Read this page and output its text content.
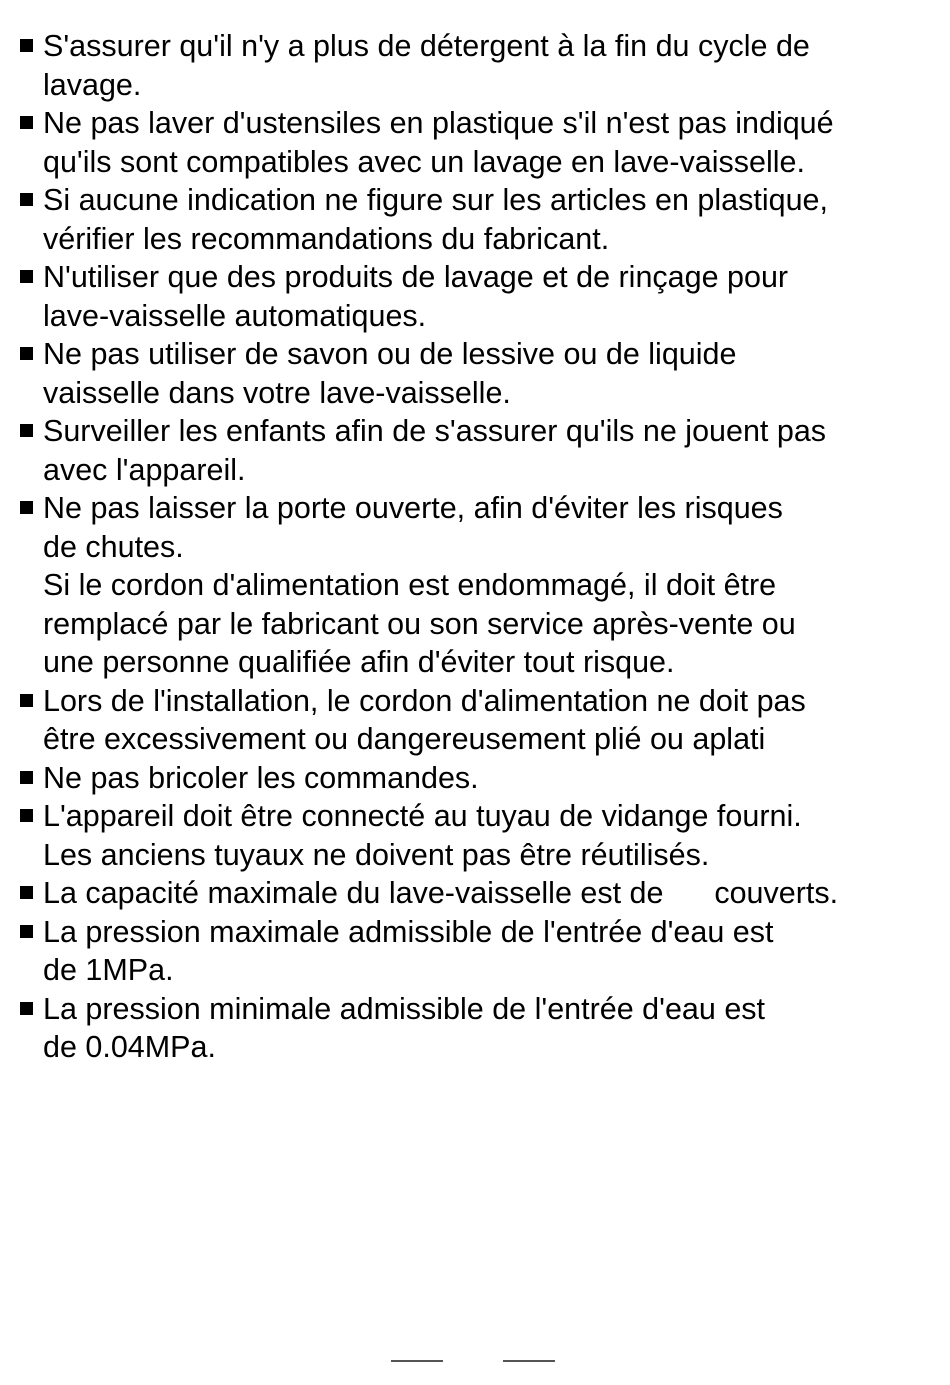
S'assurer qu'il n'y a plus de détergent à la fin du cycle de
lavage.
Ne pas laver d'ustensiles en plastique s'il n'est pas indiqué
qu'ils sont compatibles avec un lavage en lave-vaisselle.
Si aucune indication ne figure sur les articles en plastique,
vérifier les recommandations du fabricant.
N'utiliser que des produits de lavage et de rinçage pour
lave-vaisselle automatiques.
Ne pas utiliser de savon ou de lessive ou de liquide
vaisselle dans votre lave-vaisselle.
Surveiller les enfants afin de s'assurer qu'ils ne jouent pas
avec l'appareil.
Ne pas laisser la porte ouverte, afin d'éviter les risques
de chutes.
Si le cordon d'alimentation est endommagé, il doit être
remplacé par le fabricant ou son service après-vente ou
une personne qualifiée afin d'éviter tout risque.
Lors de l'installation, le cordon d'alimentation ne doit pas
être excessivement ou dangereusement plié ou aplati
Ne pas bricoler les commandes.
L'appareil doit être connecté au tuyau de vidange fourni.
Les anciens tuyaux ne doivent pas être réutilisés.
La capacité maximale du lave-vaisselle est de      couverts.
La pression maximale admissible de l'entrée d'eau est
de 1MPa.
La pression minimale admissible de l'entrée d'eau est
de 0.04MPa.
